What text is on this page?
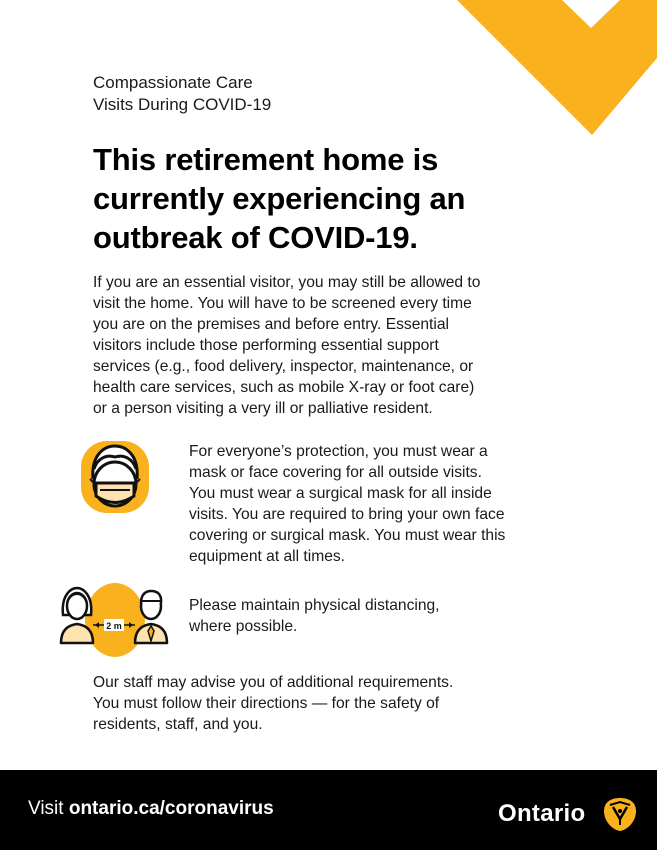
Compassionate Care
Visits During COVID-19
This retirement home is
currently experiencing an
outbreak of COVID-19.
If you are an essential visitor, you may still be allowed to
visit the home. You will have to be screened every time
you are on the premises and before entry. Essential
visitors include those performing essential support
services (e.g., food delivery, inspector, maintenance, or
health care services, such as mobile X-ray or foot care)
or a person visiting a very ill or palliative resident.
For everyone’s protection, you must wear a
mask or face covering for all outside visits.
You must wear a surgical mask for all inside
visits. You are required to bring your own face
covering or surgical mask. You must wear this
equipment at all times.
2 m
Please maintain physical distancing,
where possible.
Our staff may advise you of additional requirements.
You must follow their directions — for the safety of
residents, staff, and you.
Visit ontario.ca/coronavirus	Ontario
